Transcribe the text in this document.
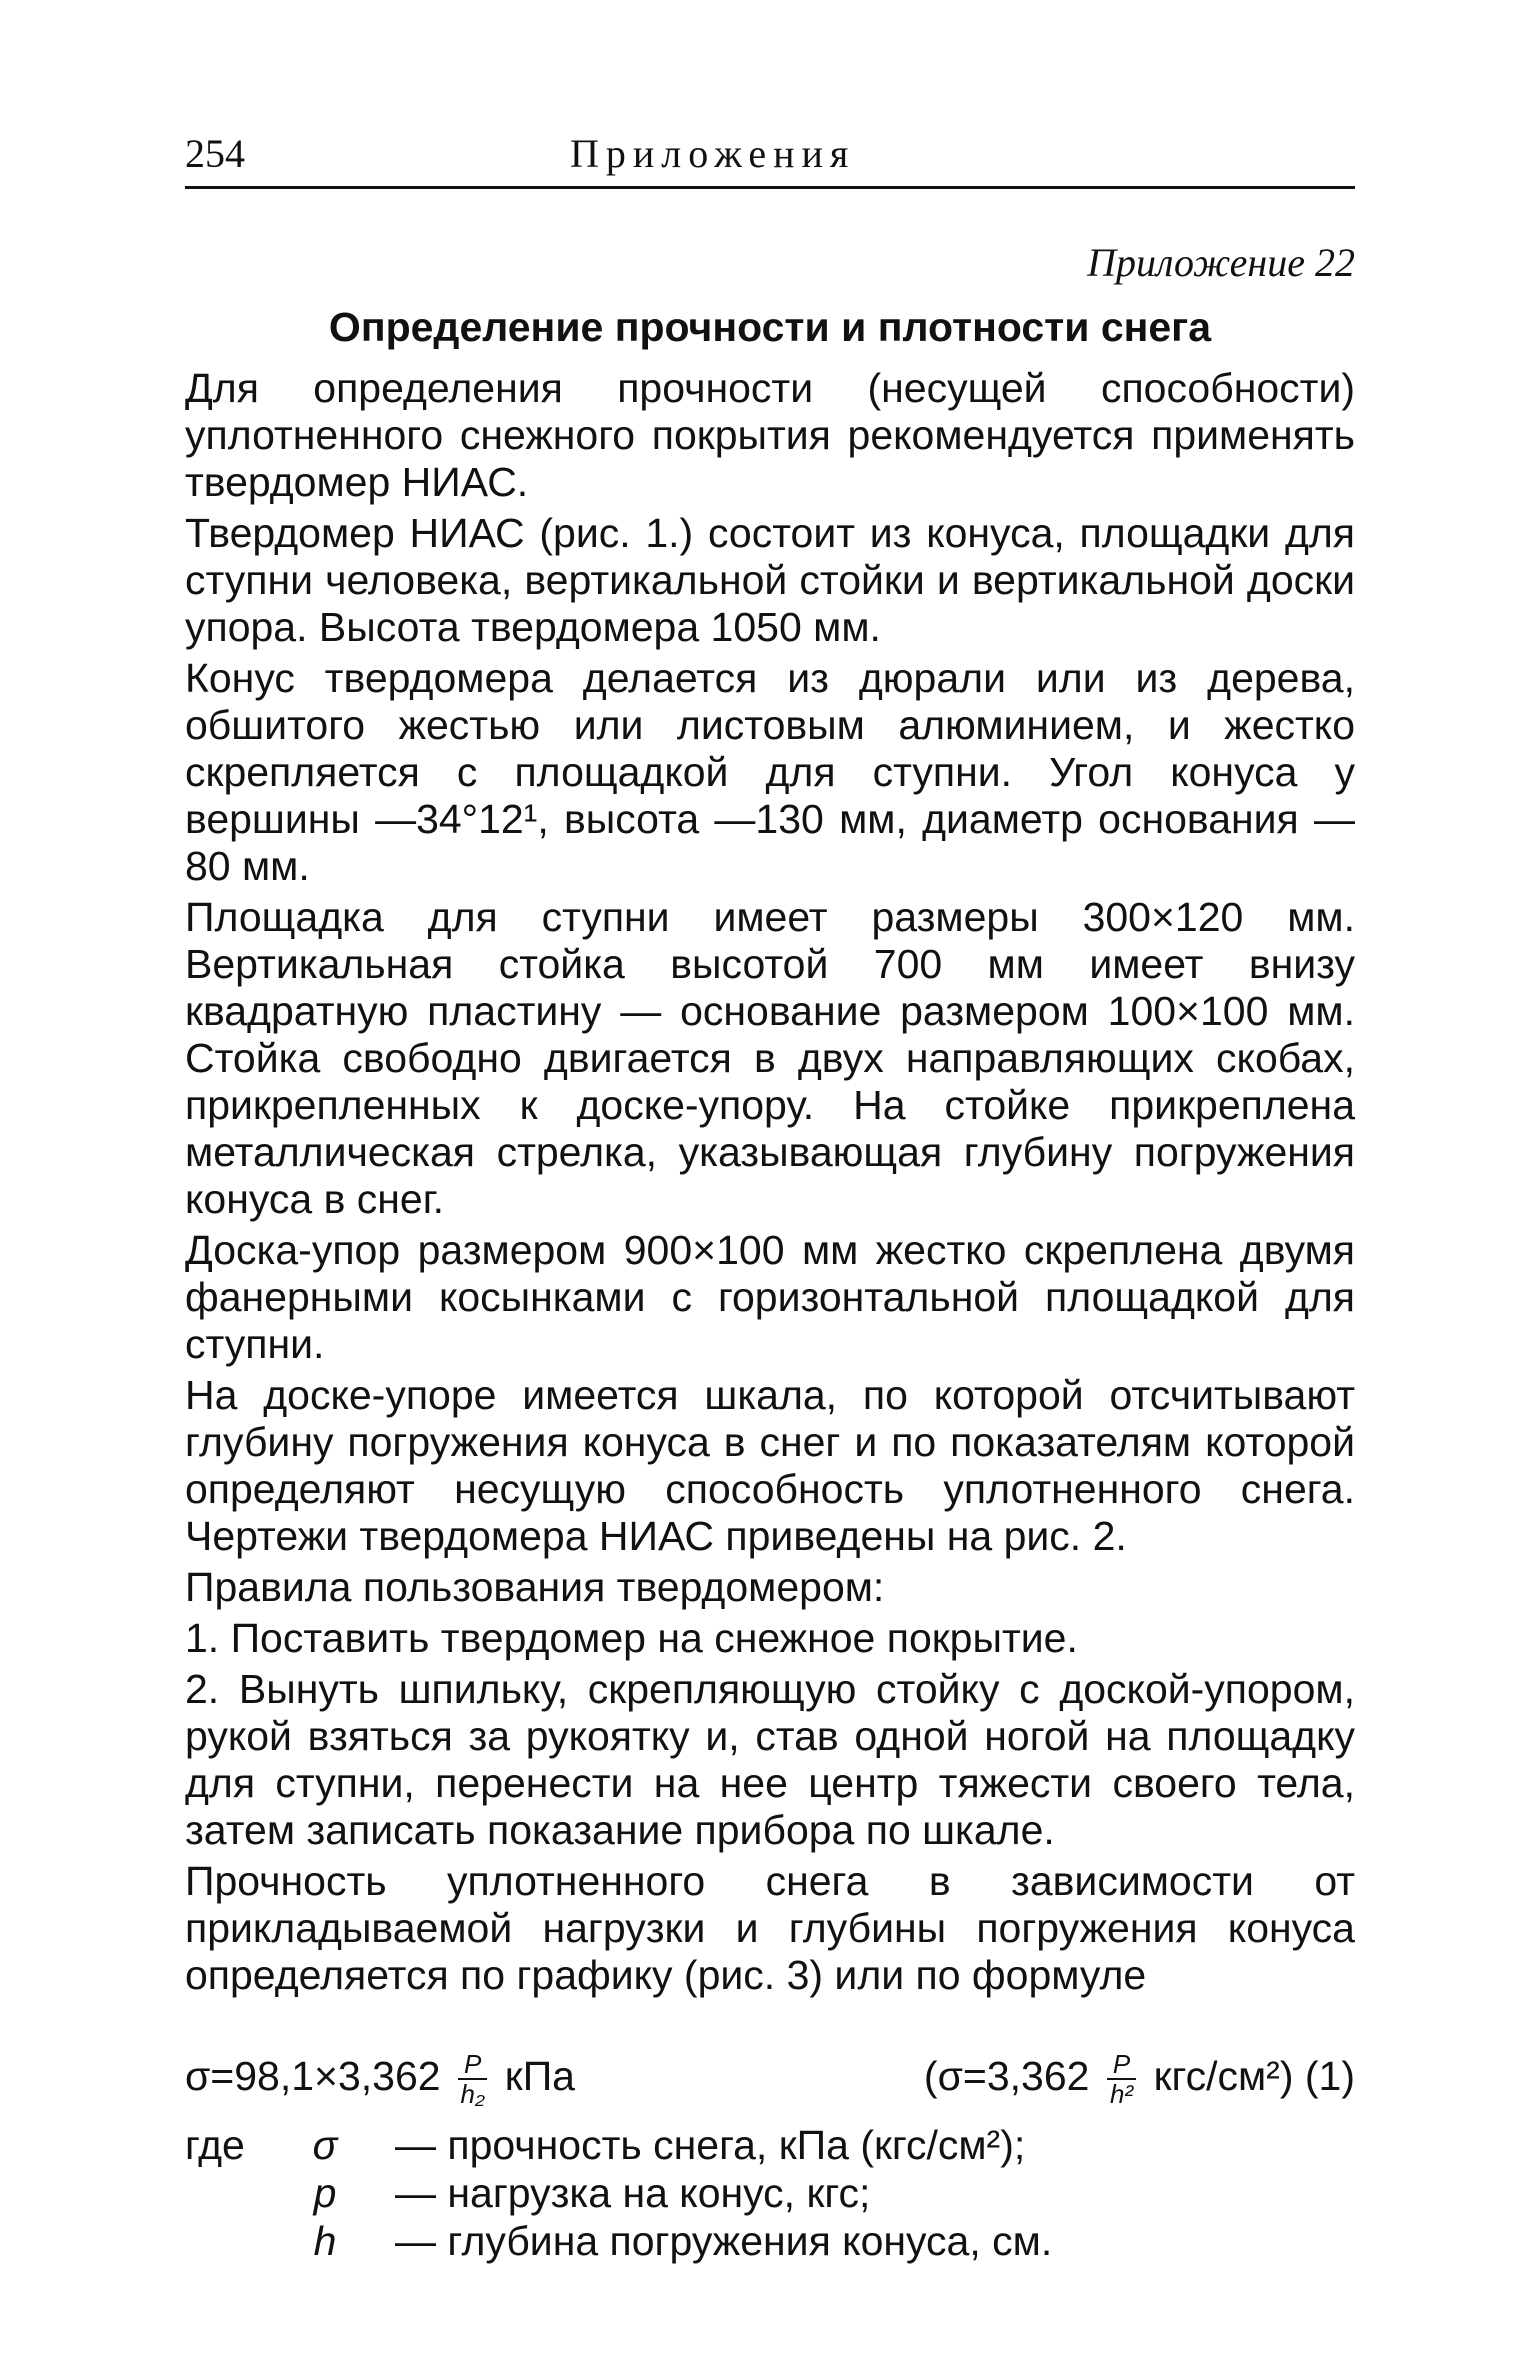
254	Приложения
Приложение 22
Определение прочности и плотности снега

Для определения прочности (несущей способности) уплотненного снежного покрытия рекомендуется применять твердомер НИАС.

Твердомер НИАС (рис. 1.) состоит из конуса, площадки для ступни человека, вертикальной стойки и вертикальной доски упора. Высота твердомера 1050 мм.

Конус твердомера делается из дюрали или из дерева, обшитого жестью или листовым алюминием, и жестко скрепляется с площадкой для ступни. Угол конуса у вершины —34°12¹, высота —130 мм, диаметр основания — 80 мм.

Площадка для ступни имеет размеры 300×120 мм. Вертикальная стойка высотой 700 мм имеет внизу квадратную пластину — основание размером 100×100 мм. Стойка свободно двигается в двух направляющих скобах, прикрепленных к доске-упору. На стойке прикреплена металлическая стрелка, указывающая глубину погружения конуса в снег.

Доска-упор размером 900×100 мм жестко скреплена двумя фанерными косынками с горизонтальной площадкой для ступни.

На доске-упоре имеется шкала, по которой отсчитывают глубину погружения конуса в снег и по показателям которой определяют несущую способность уплотненного снега. Чертежи твердомера НИАС приведены на рис. 2.

Правила пользования твердомером:

1. Поставить твердомер на снежное покрытие.

2. Вынуть шпильку, скрепляющую стойку с доской-упором, рукой взяться за рукоятку и, став одной ногой на площадку для ступни, перенести на нее центр тяжести своего тела, затем записать показание прибора по шкале.

Прочность уплотненного снега в зависимости от прикладываемой нагрузки и глубины погружения конуса определяется по графику (рис. 3) или по формуле

$\sigma=98,1\times 3,362 \frac{P}{\text{h₂}}$ кПа	$(\sigma=3,362 \frac{P}{\text{h²}} кгс/см^2)$ (1)
где	σ	— прочность снега, кПа (кгс/см²);
p	— нагрузка на конус, кгс;
h	— глубина погружения конуса, см.
